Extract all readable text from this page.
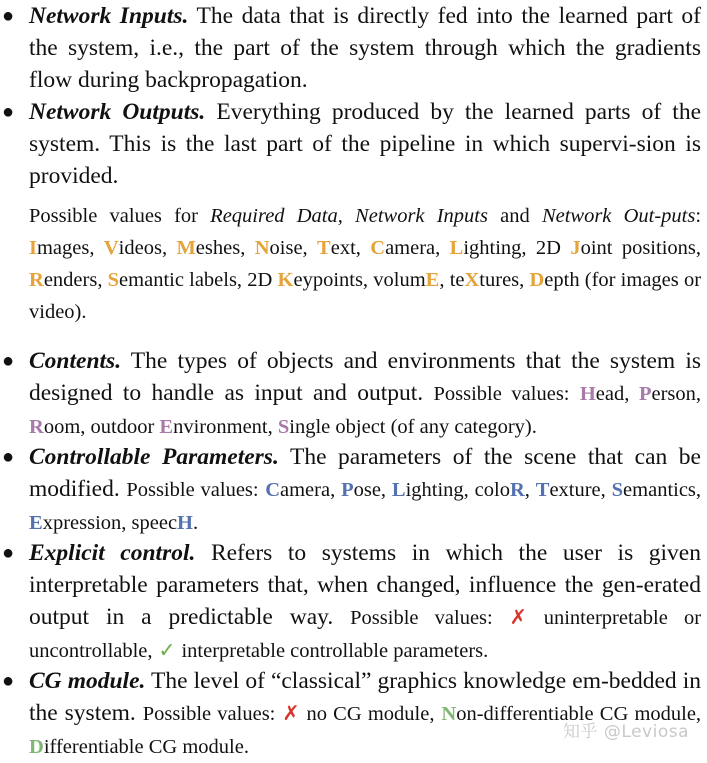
● Network Inputs. The data that is directly fed into the learned part of the system, i.e., the part of the system through which the gradients flow during backpropagation.
● Network Outputs. Everything produced by the learned parts of the system. This is the last part of the pipeline in which supervi-sion is provided.
Possible values for Required Data, Network Inputs and Network Out-puts: Images, Videos, Meshes, Noise, Text, Camera, Lighting, 2D Joint positions, Renders, Semantic labels, 2D Keypoints, volumE, teXtures, Depth (for images or video).
● Contents. The types of objects and environments that the system is designed to handle as input and output. Possible values: Head, Person, Room, outdoor Environment, Single object (of any category).
● Controllable Parameters. The parameters of the scene that can be modified. Possible values: Camera, Pose, Lighting, coloR, Texture, Semantics, Expression, speecH.
● Explicit control. Refers to systems in which the user is given interpretable parameters that, when changed, influence the gen-erated output in a predictable way. Possible values: ✗ uninterpretable or uncontrollable, ✓ interpretable controllable parameters.
● CG module. The level of “classical” graphics knowledge em-bedded in the system. Possible values: ✗ no CG module, Non-differentiable CG module, Differentiable CG module.
知乎 @Leviosa
